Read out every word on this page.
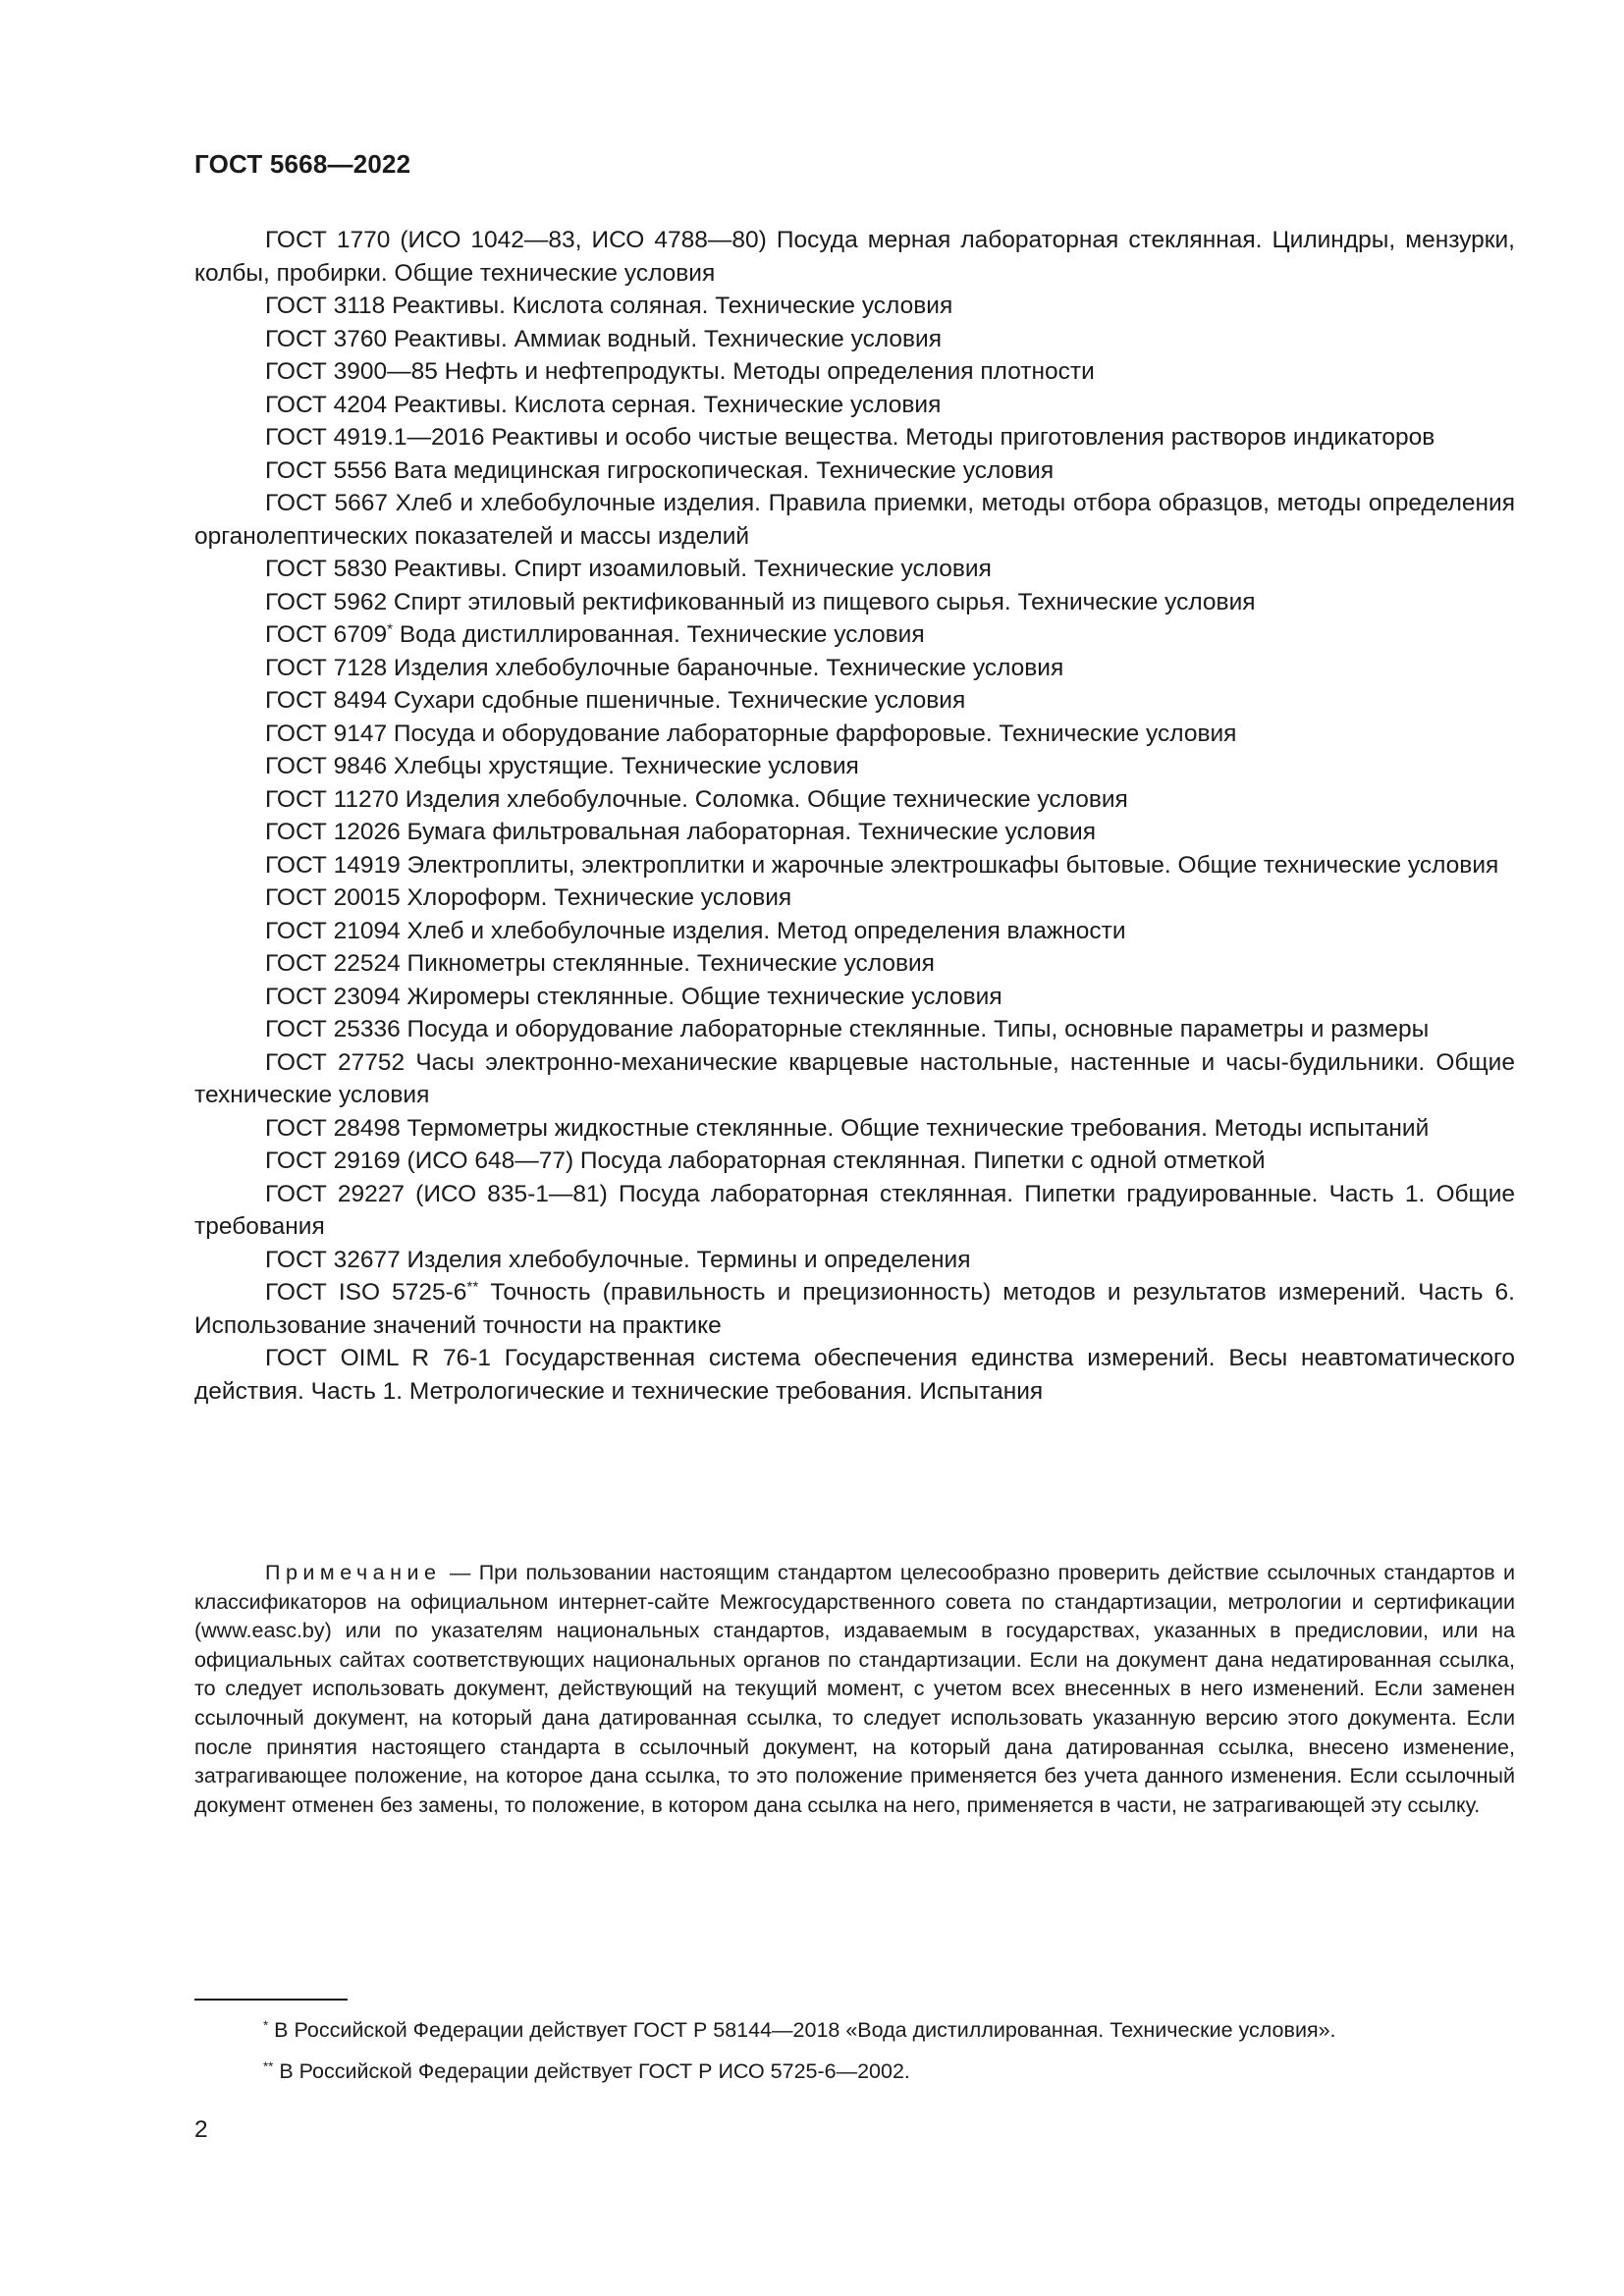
ГОСТ 5668—2022

ГОСТ 1770 (ИСО 1042—83, ИСО 4788—80) Посуда мерная лабораторная стеклянная. Цилиндры, мензурки, колбы, пробирки. Общие технические условия

ГОСТ 3118 Реактивы. Кислота соляная. Технические условия

ГОСТ 3760 Реактивы. Аммиак водный. Технические условия

ГОСТ 3900—85 Нефть и нефтепродукты. Методы определения плотности

ГОСТ 4204 Реактивы. Кислота серная. Технические условия

ГОСТ 4919.1—2016 Реактивы и особо чистые вещества. Методы приготовления растворов индикаторов

ГОСТ 5556 Вата медицинская гигроскопическая. Технические условия

ГОСТ 5667 Хлеб и хлебобулочные изделия. Правила приемки, методы отбора образцов, методы определения органолептических показателей и массы изделий

ГОСТ 5830 Реактивы. Спирт изоамиловый. Технические условия

ГОСТ 5962 Спирт этиловый ректификованный из пищевого сырья. Технические условия

ГОСТ 6709* Вода дистиллированная. Технические условия

ГОСТ 7128 Изделия хлебобулочные бараночные. Технические условия

ГОСТ 8494 Сухари сдобные пшеничные. Технические условия

ГОСТ 9147 Посуда и оборудование лабораторные фарфоровые. Технические условия

ГОСТ 9846 Хлебцы хрустящие. Технические условия

ГОСТ 11270 Изделия хлебобулочные. Соломка. Общие технические условия

ГОСТ 12026 Бумага фильтровальная лабораторная. Технические условия

ГОСТ 14919 Электроплиты, электроплитки и жарочные электрошкафы бытовые. Общие технические условия

ГОСТ 20015 Хлороформ. Технические условия

ГОСТ 21094 Хлеб и хлебобулочные изделия. Метод определения влажности

ГОСТ 22524 Пикнометры стеклянные. Технические условия

ГОСТ 23094 Жиромеры стеклянные. Общие технические условия

ГОСТ 25336 Посуда и оборудование лабораторные стеклянные. Типы, основные параметры и размеры

ГОСТ 27752 Часы электронно-механические кварцевые настольные, настенные и часы-будильники. Общие технические условия

ГОСТ 28498 Термометры жидкостные стеклянные. Общие технические требования. Методы испытаний

ГОСТ 29169 (ИСО 648—77) Посуда лабораторная стеклянная. Пипетки с одной отметкой

ГОСТ 29227 (ИСО 835-1—81) Посуда лабораторная стеклянная. Пипетки градуированные. Часть 1. Общие требования

ГОСТ 32677 Изделия хлебобулочные. Термины и определения

ГОСТ ISO 5725-6** Точность (правильность и прецизионность) методов и результатов измерений. Часть 6. Использование значений точности на практике

ГОСТ OIML R 76-1 Государственная система обеспечения единства измерений. Весы неавтоматического действия. Часть 1. Метрологические и технические требования. Испытания

Примечание — При пользовании настоящим стандартом целесообразно проверить действие ссылочных стандартов и классификаторов на официальном интернет-сайте Межгосударственного совета по стандартизации, метрологии и сертификации (www.easc.by) или по указателям национальных стандартов, издаваемым в государствах, указанных в предисловии, или на официальных сайтах соответствующих национальных органов по стандартизации. Если на документ дана недатированная ссылка, то следует использовать документ, действующий на текущий момент, с учетом всех внесенных в него изменений. Если заменен ссылочный документ, на который дана датированная ссылка, то следует использовать указанную версию этого документа. Если после принятия настоящего стандарта в ссылочный документ, на который дана датированная ссылка, внесено изменение, затрагивающее положение, на которое дана ссылка, то это положение применяется без учета данного изменения. Если ссылочный документ отменен без замены, то положение, в котором дана ссылка на него, применяется в части, не затрагивающей эту ссылку.

* В Российской Федерации действует ГОСТ Р 58144—2018 «Вода дистиллированная. Технические условия».

** В Российской Федерации действует ГОСТ Р ИСО 5725-6—2002.

2
